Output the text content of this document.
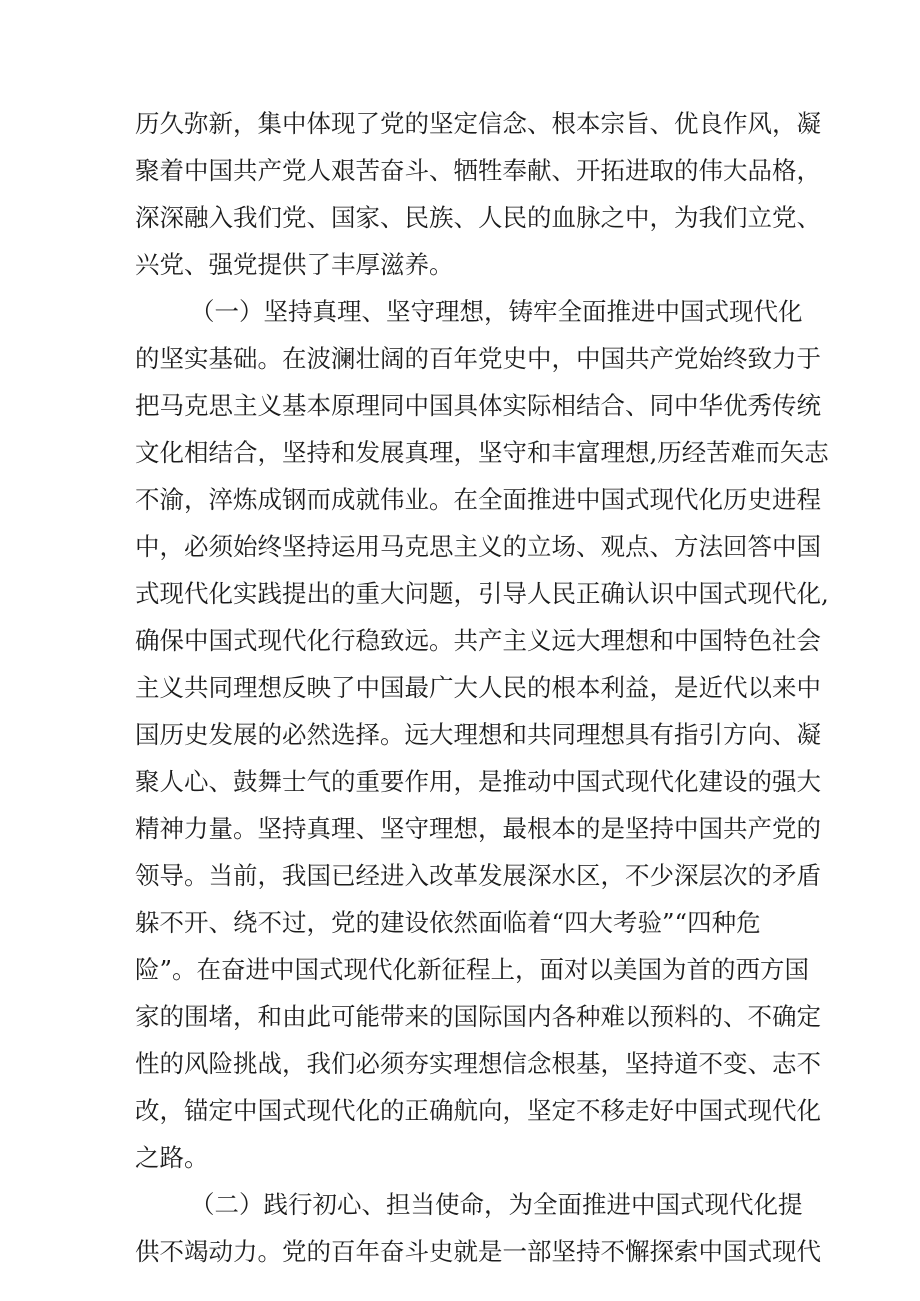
历久弥新，集中体现了党的坚定信念、根本宗旨、优良作风，凝
聚着中国共产党人艰苦奋斗、牺牲奉献、开拓进取的伟大品格，
深深融入我们党、国家、民族、人民的血脉之中，为我们立党、
兴党、强党提供了丰厚滋养。
（一）坚持真理、坚守理想，铸牢全面推进中国式现代化
的坚实基础。在波澜壮阔的百年党史中，中国共产党始终致力于
把马克思主义基本原理同中国具体实际相结合、同中华优秀传统
文化相结合，坚持和发展真理，坚守和丰富理想,历经苦难而矢志
不渝，淬炼成钢而成就伟业。在全面推进中国式现代化历史进程
中，必须始终坚持运用马克思主义的立场、观点、方法回答中国
式现代化实践提出的重大问题，引导人民正确认识中国式现代化,
确保中国式现代化行稳致远。共产主义远大理想和中国特色社会
主义共同理想反映了中国最广大人民的根本利益，是近代以来中
国历史发展的必然选择。远大理想和共同理想具有指引方向、凝
聚人心、鼓舞士气的重要作用，是推动中国式现代化建设的强大
精神力量。坚持真理、坚守理想，最根本的是坚持中国共产党的
领导。当前，我国已经进入改革发展深水区，不少深层次的矛盾
躲不开、绕不过，党的建设依然面临着“四大考验”“四种危
险”。在奋进中国式现代化新征程上，面对以美国为首的西方国
家的围堵，和由此可能带来的国际国内各种难以预料的、不确定
性的风险挑战，我们必须夯实理想信念根基，坚持道不变、志不
改，锚定中国式现代化的正确航向，坚定不移走好中国式现代化
之路。
（二）践行初心、担当使命，为全面推进中国式现代化提
供不竭动力。党的百年奋斗史就是一部坚持不懈探索中国式现代
